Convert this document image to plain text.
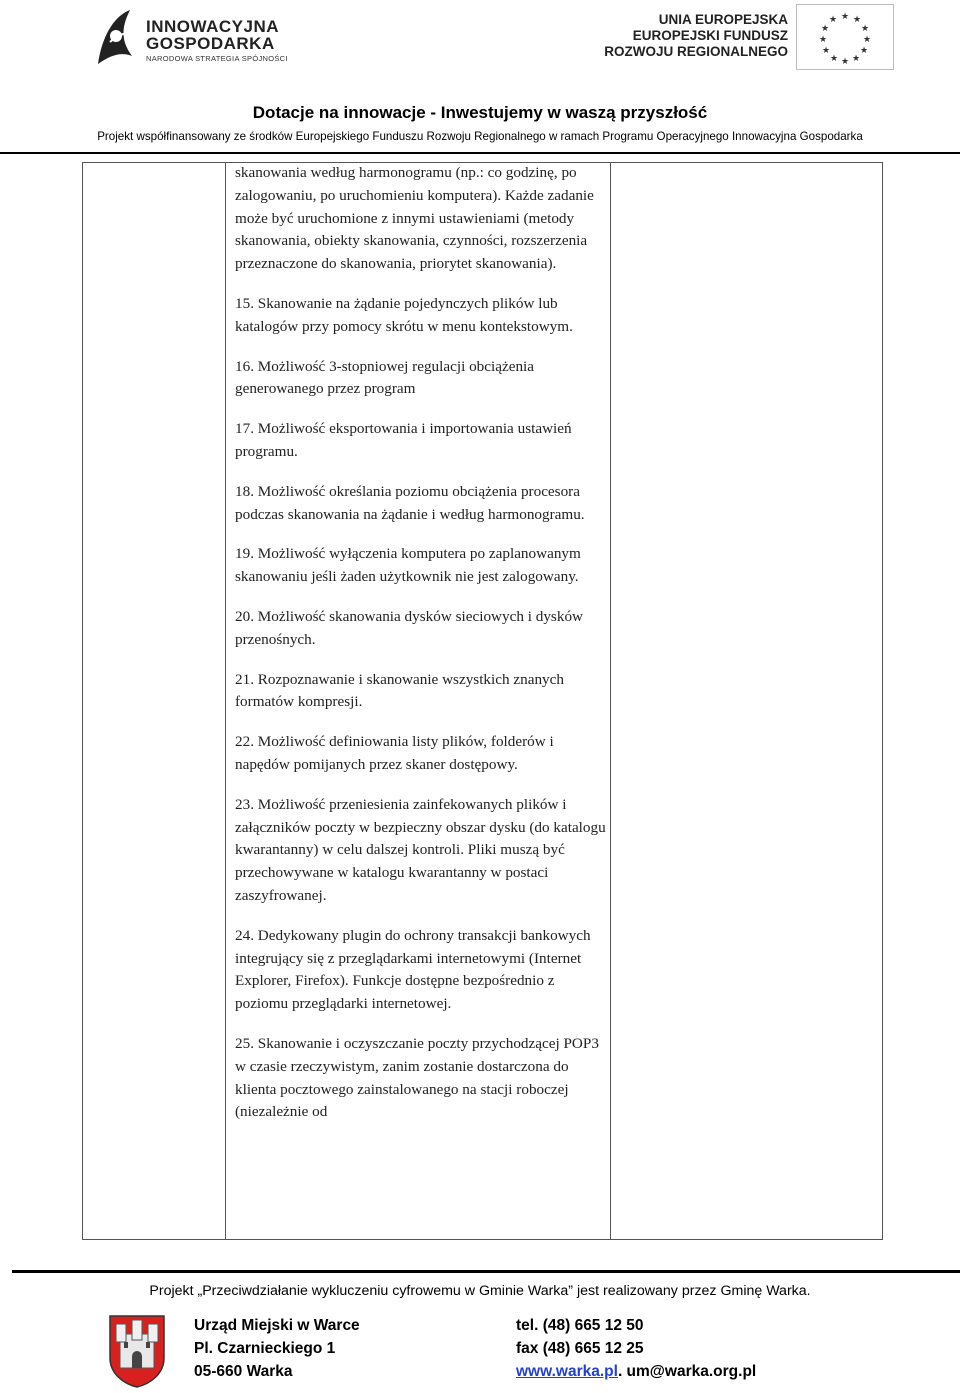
INNOWACYJNA
GOSPODARKA
NARODOWA STRATEGIA SPÓJNOŚCI
UNIA EUROPEJSKA
EUROPEJSKI FUNDUSZ
ROZWOJU REGIONALNEGO
★ ★
★
★
★
★
★
★
★
★
★
★
Dotacje na innowacje - Inwestujemy w waszą przyszłość
Projekt współfinansowany ze środków Europejskiego Funduszu Rozwoju Regionalnego w ramach Programu Operacyjnego Innowacyjna Gospodarka

skanowania według harmonogramu (np.: co godzinę, po zalogowaniu, po uruchomieniu komputera). Każde zadanie może być uruchomione z innymi ustawieniami (metody skanowania, obiekty skanowania, czynności, rozszerzenia przeznaczone do skanowania, priorytet skanowania).

15. Skanowanie na żądanie pojedynczych plików lub katalogów przy pomocy skrótu w menu kontekstowym.

16. Możliwość 3-stopniowej regulacji obciążenia generowanego przez program

17. Możliwość eksportowania i importowania ustawień programu.

18. Możliwość określania poziomu obciążenia procesora podczas skanowania na żądanie i według harmonogramu.

19. Możliwość wyłączenia komputera po zaplanowanym skanowaniu jeśli żaden użytkownik nie jest zalogowany.

20. Możliwość skanowania dysków sieciowych i dysków przenośnych.

21. Rozpoznawanie i skanowanie wszystkich znanych formatów kompresji.

22. Możliwość definiowania listy plików, folderów i napędów pomijanych przez skaner dostępowy.

23. Możliwość przeniesienia zainfekowanych plików i załączników poczty w bezpieczny obszar dysku (do katalogu kwarantanny) w celu dalszej kontroli. Pliki muszą być przechowywane w katalogu kwarantanny w postaci zaszyfrowanej.

24. Dedykowany plugin do ochrony transakcji bankowych integrujący się z przeglądarkami internetowymi (Internet Explorer, Firefox). Funkcje dostępne bezpośrednio z poziomu przeglądarki internetowej.

25. Skanowanie i oczyszczanie poczty przychodzącej POP3 w czasie rzeczywistym, zanim zostanie dostarczona do klienta pocztowego zainstalowanego na stacji roboczej (niezależnie od

Projekt „Przeciwdziałanie wykluczeniu cyfrowemu w Gminie Warka” jest realizowany przez Gminę Warka.
Urząd Miejski w Warce
Pl. Czarnieckiego 1
05-660 Warka
tel. (48) 665 12 50
fax (48) 665 12 25
www.warka.pl. um@warka.org.pl
